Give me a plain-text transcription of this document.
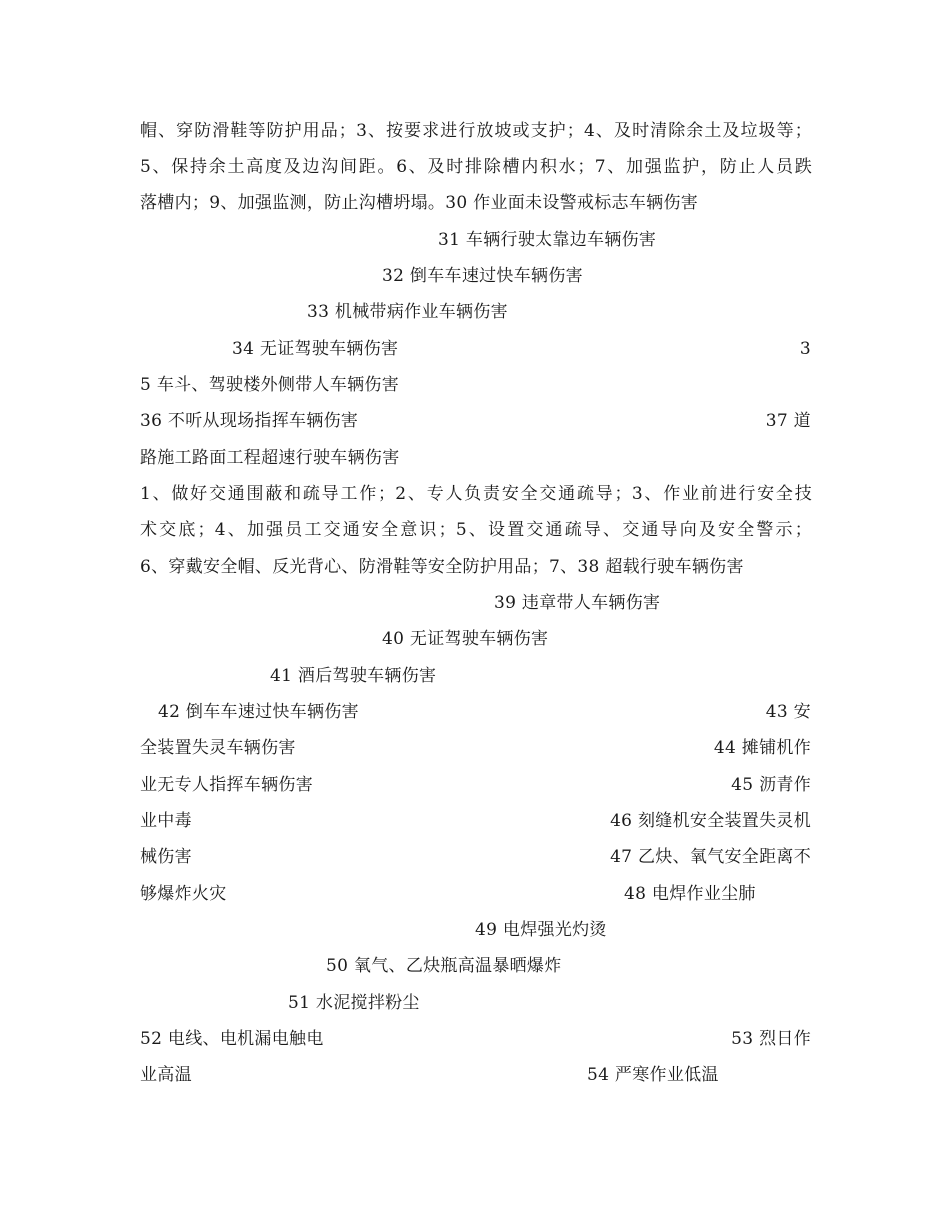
帽、穿防滑鞋等防护用品；3、按要求进行放坡或支护；4、及时清除余土及垃圾等；
5、保持余土高度及边沟间距。6、及时排除槽内积水；7、加强监护，防止人员跌
落槽内；9、加强监测，防止沟槽坍塌。30 作业面未设警戒标志车辆伤害
31 车辆行驶太靠边车辆伤害
32 倒车车速过快车辆伤害
33 机械带病作业车辆伤害
34 无证驾驶车辆伤害	3
5 车斗、驾驶楼外侧带人车辆伤害
36 不听从现场指挥车辆伤害	37 道
路施工路面工程超速行驶车辆伤害
1、做好交通围蔽和疏导工作；2、专人负责安全交通疏导；3、作业前进行安全技
术交底；4、加强员工交通安全意识；5、设置交通疏导、交通导向及安全警示；
6、穿戴安全帽、反光背心、防滑鞋等安全防护用品；7、38 超载行驶车辆伤害
39 违章带人车辆伤害
40 无证驾驶车辆伤害
41 酒后驾驶车辆伤害
42 倒车车速过快车辆伤害	43 安
全装置失灵车辆伤害	44 摊铺机作
业无专人指挥车辆伤害	45 沥青作
业中毒	46 刻缝机安全装置失灵机
械伤害	47 乙炔、氧气安全距离不
够爆炸火灾	48 电焊作业尘肺
49 电焊强光灼烫
50 氧气、乙炔瓶高温暴晒爆炸
51 水泥搅拌粉尘
52 电线、电机漏电触电	53 烈日作
业高温	54 严寒作业低温
